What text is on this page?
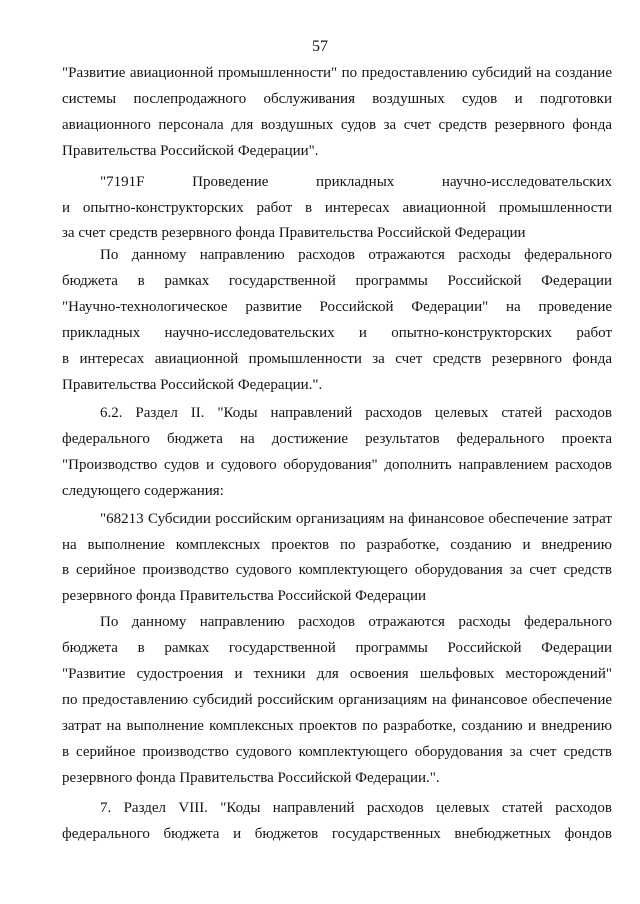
57
"Развитие авиационной промышленности" по предоставлению субсидий на создание
системы послепродажного обслуживания воздушных судов и подготовки
авиационного персонала для воздушных судов за счет средств резервного фонда
Правительства Российской Федерации".
"7191F Проведение прикладных научно-исследовательских
и опытно-конструкторских работ в интересах авиационной промышленности
за счет средств резервного фонда Правительства Российской Федерации
По данному направлению расходов отражаются расходы федерального
бюджета в рамках государственной программы Российской Федерации
"Научно-технологическое развитие Российской Федерации" на проведение
прикладных научно-исследовательских и опытно-конструкторских работ
в интересах авиационной промышленности за счет средств резервного фонда
Правительства Российской Федерации.".
6.2. Раздел II. "Коды направлений расходов целевых статей расходов
федерального бюджета на достижение результатов федерального проекта
"Производство судов и судового оборудования" дополнить направлением расходов
следующего содержания:
"68213 Субсидии российским организациям на финансовое обеспечение затрат
на выполнение комплексных проектов по разработке, созданию и внедрению
в серийное производство судового комплектующего оборудования за счет средств
резервного фонда Правительства Российской Федерации
По данному направлению расходов отражаются расходы федерального
бюджета в рамках государственной программы Российской Федерации
"Развитие судостроения и техники для освоения шельфовых месторождений"
по предоставлению субсидий российским организациям на финансовое обеспечение
затрат на выполнение комплексных проектов по разработке, созданию и внедрению
в серийное производство судового комплектующего оборудования за счет средств
резервного фонда Правительства Российской Федерации.".
7. Раздел VIII. "Коды направлений расходов целевых статей расходов
федерального бюджета и бюджетов государственных внебюджетных фондов
